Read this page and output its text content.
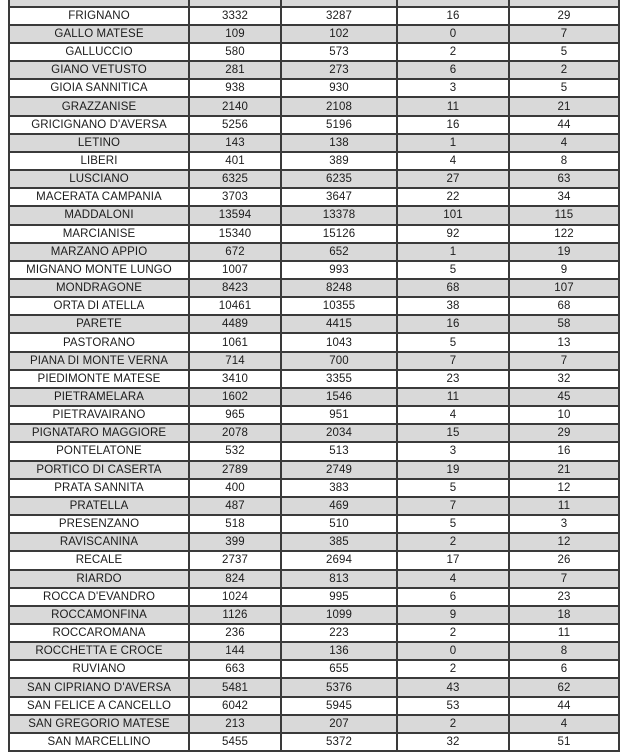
FRIGNANO	3332	3287	16	29
GALLO MATESE	109	102	0	7
GALLUCCIO	580	573	2	5
GIANO VETUSTO	281	273	6	2
GIOIA SANNITICA	938	930	3	5
GRAZZANISE	2140	2108	11	21
GRICIGNANO D'AVERSA	5256	5196	16	44
LETINO	143	138	1	4
LIBERI	401	389	4	8
LUSCIANO	6325	6235	27	63
MACERATA CAMPANIA	3703	3647	22	34
MADDALONI	13594	13378	101	115
MARCIANISE	15340	15126	92	122
MARZANO APPIO	672	652	1	19
MIGNANO MONTE LUNGO	1007	993	5	9
MONDRAGONE	8423	8248	68	107
ORTA DI ATELLA	10461	10355	38	68
PARETE	4489	4415	16	58
PASTORANO	1061	1043	5	13
PIANA DI MONTE VERNA	714	700	7	7
PIEDIMONTE MATESE	3410	3355	23	32
PIETRAMELARA	1602	1546	11	45
PIETRAVAIRANO	965	951	4	10
PIGNATARO MAGGIORE	2078	2034	15	29
PONTELATONE	532	513	3	16
PORTICO DI CASERTA	2789	2749	19	21
PRATA SANNITA	400	383	5	12
PRATELLA	487	469	7	11
PRESENZANO	518	510	5	3
RAVISCANINA	399	385	2	12
RECALE	2737	2694	17	26
RIARDO	824	813	4	7
ROCCA D'EVANDRO	1024	995	6	23
ROCCAMONFINA	1126	1099	9	18
ROCCAROMANA	236	223	2	11
ROCCHETTA E CROCE	144	136	0	8
RUVIANO	663	655	2	6
SAN CIPRIANO D'AVERSA	5481	5376	43	62
SAN FELICE A CANCELLO	6042	5945	53	44
SAN GREGORIO MATESE	213	207	2	4
SAN MARCELLINO	5455	5372	32	51
